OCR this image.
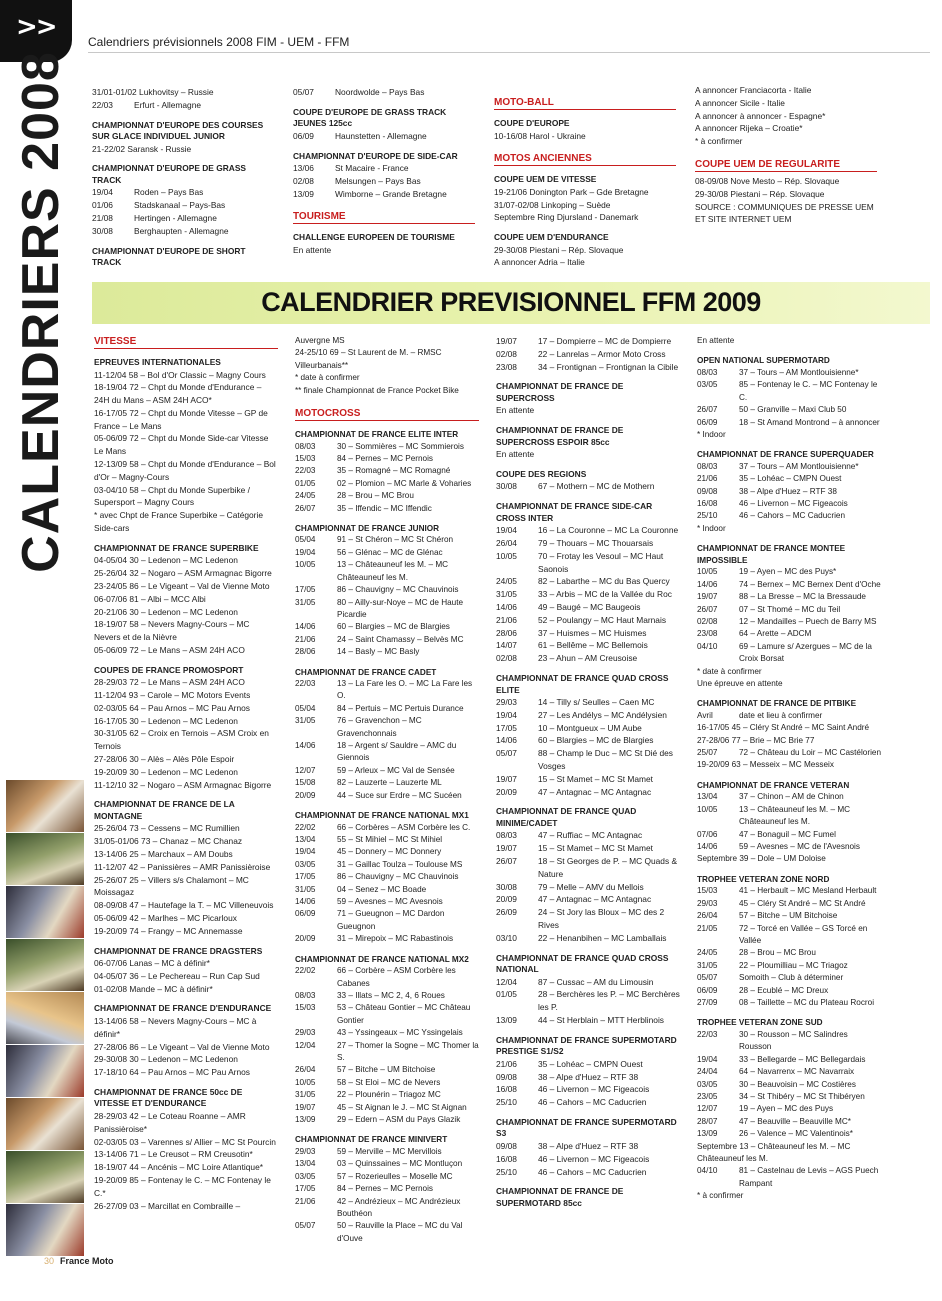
>>
CALENDRIERS 2008
Calendriers prévisionnels 2008 FIM - UEM - FFM
31/01-01/02 Lukhovitsy – Russie
22/03	Erfurt - Allemagne
CHAMPIONNAT D'EUROPE DES COURSES SUR GLACE INDIVIDUEL JUNIOR
21-22/02 Saransk - Russie
CHAMPIONNAT D'EUROPE DE GRASS TRACK
19/04	Roden – Pays Bas
01/06	Stadskanaal – Pays-Bas
21/08	Hertingen - Allemagne
30/08	Berghaupten - Allemagne
CHAMPIONNAT D'EUROPE DE SHORT TRACK
05/07	Noordwolde – Pays Bas
COUPE D'EUROPE DE GRASS TRACK JEUNES 125cc
06/09	Haunstetten - Allemagne
CHAMPIONNAT D'EUROPE DE SIDE-CAR
13/06	St Macaire - France
02/08	Melsungen – Pays Bas
13/09	Wimborne – Grande Bretagne
TOURISME
CHALLENGE EUROPEEN DE TOURISME
En attente
MOTO-BALL
COUPE D'EUROPE
10-16/08 Harol - Ukraine
MOTOS ANCIENNES
COUPE UEM DE VITESSE
19-21/06 Donington Park – Gde Bretagne
31/07-02/08 Linkoping – Suède
Septembre Ring Djursland - Danemark
COUPE UEM D'ENDURANCE
29-30/08 Piestani – Rép. Slovaque
A annoncer Adria – Italie
A annoncer Franciacorta - Italie
A annoncer Sicile - Italie
A annoncer à annoncer - Espagne*
A annoncer Rijeka – Croatie*
* à confirmer
COUPE UEM DE REGULARITE
08-09/08 Nove Mesto – Rép. Slovaque
29-30/08 Piestani – Rép. Slovaque
SOURCE : COMMUNIQUES DE PRESSE UEM ET SITE INTERNET UEM
CALENDRIER PREVISIONNEL FFM 2009
VITESSE
EPREUVES INTERNATIONALES
11-12/04 58 – Bol d'Or Classic – Magny Cours
18-19/04 72 – Chpt du Monde d'Endurance – 24H du Mans – ASM 24H ACO*
16-17/05 72 – Chpt du Monde Vitesse – GP de France – Le Mans
05-06/09 72 – Chpt du Monde Side-car Vitesse Le Mans
12-13/09 58 – Chpt du Monde d'Endurance – Bol d'Or – Magny-Cours
03-04/10 58 – Chpt du Monde Superbike / Supersport – Magny Cours
* avec Chpt de France Superbike – Catégorie Side-cars
CHAMPIONNAT DE FRANCE SUPERBIKE
04-05/04 30 – Ledenon – MC Ledenon
25-26/04 32 – Nogaro – ASM Armagnac Bigorre
23-24/05 86 – Le Vigeant – Val de Vienne Moto
06-07/06 81 – Albi – MCC Albi
20-21/06 30 – Ledenon – MC Ledenon
18-19/07 58 – Nevers Magny-Cours – MC Nevers et de la Nièvre
05-06/09 72 – Le Mans – ASM 24H ACO
COUPES DE FRANCE PROMOSPORT
28-29/03 72 – Le Mans – ASM 24H ACO
11-12/04 93 – Carole – MC Motors Events
02-03/05 64 – Pau Arnos – MC Pau Arnos
16-17/05 30 – Ledenon – MC Ledenon
30-31/05 62 – Croix en Ternois – ASM Croix en Ternois
27-28/06 30 – Alès – Alès Pôle Espoir
19-20/09 30 – Ledenon – MC Ledenon
11-12/10 32 – Nogaro – ASM Armagnac Bigorre
CHAMPIONNAT DE FRANCE DE LA MONTAGNE
25-26/04 73 – Cessens – MC Rumillien
31/05-01/06 73 – Chanaz – MC Chanaz
13-14/06 25 – Marchaux – AM Doubs
11-12/07 42 – Panissières – AMR Panissièroise
25-26/07 25 – Villers s/s Chalamont – MC Moissagaz
08-09/08 47 – Hautefage la T. – MC Villeneuvois
05-06/09 42 – Marlhes – MC Picarloux
19-20/09 74 – Frangy – MC Annemasse
CHAMPIONNAT DE FRANCE DRAGSTERS
06-07/06 Lanas – MC à définir*
04-05/07 36 – Le Pechereau – Run Cap Sud
01-02/08 Mande – MC à définir*
CHAMPIONNAT DE FRANCE D'ENDURANCE
13-14/06 58 – Nevers Magny-Cours – MC à définir*
27-28/06 86 – Le Vigeant – Val de Vienne Moto
29-30/08 30 – Ledenon – MC Ledenon
17-18/10 64 – Pau Arnos – MC Pau Arnos
CHAMPIONNAT DE FRANCE 50cc DE VITESSE ET D'ENDURANCE
28-29/03 42 – Le Coteau Roanne – AMR Panissièroise*
02-03/05 03 – Varennes s/ Allier – MC St Pourcin
13-14/06 71 – Le Creusot – RM Creusotin*
18-19/07 44 – Ancénis – MC Loire Atlantique*
19-20/09 85 – Fontenay le C. – MC Fontenay le C.*
26-27/09 03 – Marcillat en Combraille –
Auvergne MS
24-25/10 69 – St Laurent de M. – RMSC Villeurbanais**
* date à confirmer
** finale Championnat de France Pocket Bike
MOTOCROSS
CHAMPIONNAT DE FRANCE ELITE INTER
08/03	30 – Sommières – MC Sommierois
15/03	84 – Pernes – MC Pernois
22/03	35 – Romagné – MC Romagné
01/05	02 – Plomion – MC Marle & Voharies
24/05	28 – Brou – MC Brou
26/07	35 – Iffendic – MC Iffendic
CHAMPIONNAT DE FRANCE JUNIOR
05/04	91 – St Chéron – MC St Chéron
19/04	56 – Glénac – MC de Glénac
10/05	13 – Châteauneuf les M. – MC Châteauneuf les M.
17/05	86 – Chauvigny – MC Chauvinois
31/05	80 – Ailly-sur-Noye – MC de Haute Picardie
14/06	60 – Blargies – MC de Blargies
21/06	24 – Saint Chamassy – Belvès MC
28/06	14 – Basly – MC Basly
CHAMPIONNAT DE FRANCE CADET
22/03	13 – La Fare les O. – MC La Fare les O.
05/04	84 – Pertuis – MC Pertuis Durance
31/05	76 – Gravenchon – MC Gravenchonnais
14/06	18 – Argent s/ Sauldre – AMC du Giennois
12/07	59 – Arleux – MC Val de Sensée
15/08	82 – Lauzerte – Lauzerte ML
20/09	44 – Suce sur Erdre – MC Sucéen
CHAMPIONNAT DE FRANCE NATIONAL MX1
22/02	66 – Corbères – ASM Corbère les C.
13/04	55 – St Mihiel – MC St Mihiel
19/04	45 – Donnery – MC Donnery
03/05	31 – Gaillac Toulza – Toulouse MS
17/05	86 – Chauvigny – MC Chauvinois
31/05	04 – Senez – MC Boade
14/06	59 – Avesnes – MC Avesnois
06/09	71 – Gueugnon – MC Dardon Gueugnon
20/09	31 – Mirepoix – MC Rabastinois
CHAMPIONNAT DE FRANCE NATIONAL MX2
22/02	66 – Corbère – ASM Corbère les Cabanes
08/03	33 – Illats – MC 2, 4, 6 Roues
15/03	53 – Château Gontier – MC Château Gontier
29/03	43 – Yssingeaux – MC Yssingelais
12/04	27 – Thomer la Sogne – MC Thomer la S.
26/04	57 – Bitche – UM Bitchoise
10/05	58 – St Eloi – MC de Nevers
31/05	22 – Plounérin – Triagoz MC
19/07	45 – St Aignan le J. – MC St Aignan
13/09	29 – Edern – ASM du Pays Glazik
CHAMPIONNAT DE FRANCE MINIVERT
29/03	59 – Merville – MC Mervillois
13/04	03 – Quinssaines – MC Montluçon
03/05	57 – Rozerieulles – Moselle MC
17/05	84 – Pernes – MC Pernois
21/06	42 – Andrézieux – MC Andrézieux Bouthéon
05/07	50 – Rauville la Place – MC du Val d'Ouve
19/07	17 – Dompierre – MC de Dompierre
02/08	22 – Lanrelas – Armor Moto Cross
23/08	34 – Frontignan – Frontignan la Cibile
CHAMPIONNAT DE FRANCE DE SUPERCROSS
En attente
CHAMPIONNAT DE FRANCE DE SUPERCROSS ESPOIR 85cc
En attente
COUPE DES REGIONS
30/08	67 – Mothern – MC de Mothern
CHAMPIONNAT DE FRANCE SIDE-CAR CROSS INTER
19/04	16 – La Couronne – MC La Couronne
26/04	79 – Thouars – MC Thouarsais
10/05	70 – Frotay les Vesoul – MC Haut Saonois
24/05	82 – Labarthe – MC du Bas Quercy
31/05	33 – Arbis – MC de la Vallée du Roc
14/06	49 – Baugé – MC Baugeois
21/06	52 – Poulangy – MC Haut Marnais
28/06	37 – Huismes – MC Huismes
14/07	61 – Bellême – MC Bellemois
02/08	23 – Ahun – AM Creusoise
CHAMPIONNAT DE FRANCE QUAD CROSS ELITE
29/03	14 – Tilly s/ Seulles – Caen MC
19/04	27 – Les Andélys – MC Andélysien
17/05	10 – Montgueux – UM Aube
14/06	60 – Blargies – MC de Blargies
05/07	88 – Champ le Duc – MC St Dié des Vosges
19/07	15 – St Mamet – MC St Mamet
20/09	47 – Antagnac – MC Antagnac
CHAMPIONNAT DE FRANCE QUAD MINIME/CADET
08/03	47 – Ruffiac – MC Antagnac
19/07	15 – St Mamet – MC St Mamet
26/07	18 – St Georges de P. – MC Quads & Nature
30/08	79 – Melle – AMV du Mellois
20/09	47 – Antagnac – MC Antagnac
26/09	24 – St Jory las Bloux – MC des 2 Rives
03/10	22 – Henanbihen – MC Lamballais
CHAMPIONNAT DE FRANCE QUAD CROSS NATIONAL
12/04	87 – Cussac – AM du Limousin
01/05	28 – Berchères les P. – MC Berchères les P.
13/09	44 – St Herblain – MTT Herblinois
CHAMPIONNAT DE FRANCE SUPERMOTARD PRESTIGE S1/S2
21/06	35 – Lohéac – CMPN Ouest
09/08	38 – Alpe d'Huez – RTF 38
16/08	46 – Livernon – MC Figeacois
25/10	46 – Cahors – MC Caducrien
CHAMPIONNAT DE FRANCE SUPERMOTARD S3
09/08	38 – Alpe d'Huez – RTF 38
16/08	46 – Livernon – MC Figeacois
25/10	46 – Cahors – MC Caducrien
CHAMPIONNAT DE FRANCE DE SUPERMOTARD 85cc
En attente
OPEN NATIONAL SUPERMOTARD
08/03	37 – Tours – AM Montlouisienne*
03/05	85 – Fontenay le C. – MC Fontenay le C.
26/07	50 – Granville – Maxi Club 50
06/09	18 – St Amand Montrond – à annoncer
* Indoor
CHAMPIONNAT DE FRANCE SUPERQUADER
08/03	37 – Tours – AM Montlouisienne*
21/06	35 – Lohéac – CMPN Ouest
09/08	38 – Alpe d'Huez – RTF 38
16/08	46 – Livernon – MC Figeacois
25/10	46 – Cahors – MC Caducrien
* Indoor
CHAMPIONNAT DE FRANCE MONTEE IMPOSSIBLE
10/05	19 – Ayen – MC des Puys*
14/06	74 – Bernex – MC Bernex Dent d'Oche
19/07	88 – La Bresse – MC la Bressaude
26/07	07 – St Thomé – MC du Teil
02/08	12 – Mandailles – Puech de Barry MS
23/08	64 – Arette – ADCM
04/10	69 – Lamure s/ Azergues – MC de la Croix Borsat
* date à confirmer
Une épreuve en attente
CHAMPIONNAT DE FRANCE DE PITBIKE
Avril	date et lieu à confirmer
16-17/05 45 – Cléry St André – MC Saint André
27-28/06 77 – Brie – MC Brie 77
25/07	72 – Château du Loir – MC Castélorien
19-20/09 63 – Messeix – MC Messeix
CHAMPIONNAT DE FRANCE VETERAN
13/04	37 – Chinon – AM de Chinon
10/05	13 – Châteauneuf les M. – MC Châteauneuf les M.
07/06	47 – Bonaguil – MC Fumel
14/06	59 – Avesnes – MC de l'Avesnois
Septembre 39 – Dole – UM Doloise
TROPHEE VETERAN ZONE NORD
15/03	41 – Herbault – MC Mesland Herbault
29/03	45 – Cléry St André – MC St André
26/04	57 – Bitche – UM Bitchoise
21/05	72 – Torcé en Vallée – GS Torcé en Vallée
24/05	28 – Brou – MC Brou
31/05	22 – Ploumilliau – MC Triagoz
05/07	Somoith – Club à déterminer
06/09	28 – Ecublé – MC Dreux
27/09	08 – Taillette – MC du Plateau Rocroi
TROPHEE VETERAN ZONE SUD
22/03	30 – Rousson – MC Salindres Rousson
19/04	33 – Bellegarde – MC Bellegardais
24/04	64 – Navarrenx – MC Navarraix
03/05	30 – Beauvoisin – MC Costières
23/05	34 – St Thibéry – MC St Thibéryen
12/07	19 – Ayen – MC des Puys
28/07	47 – Beauville – Beauville MC*
13/09	26 – Valence – MC Valentinois*
Septembre 13 – Châteauneuf les M. – MC Châteauneuf les M.
04/10	81 – Castelnau de Levis – AGS Puech Rampant
* à confirmer
30 France Moto
